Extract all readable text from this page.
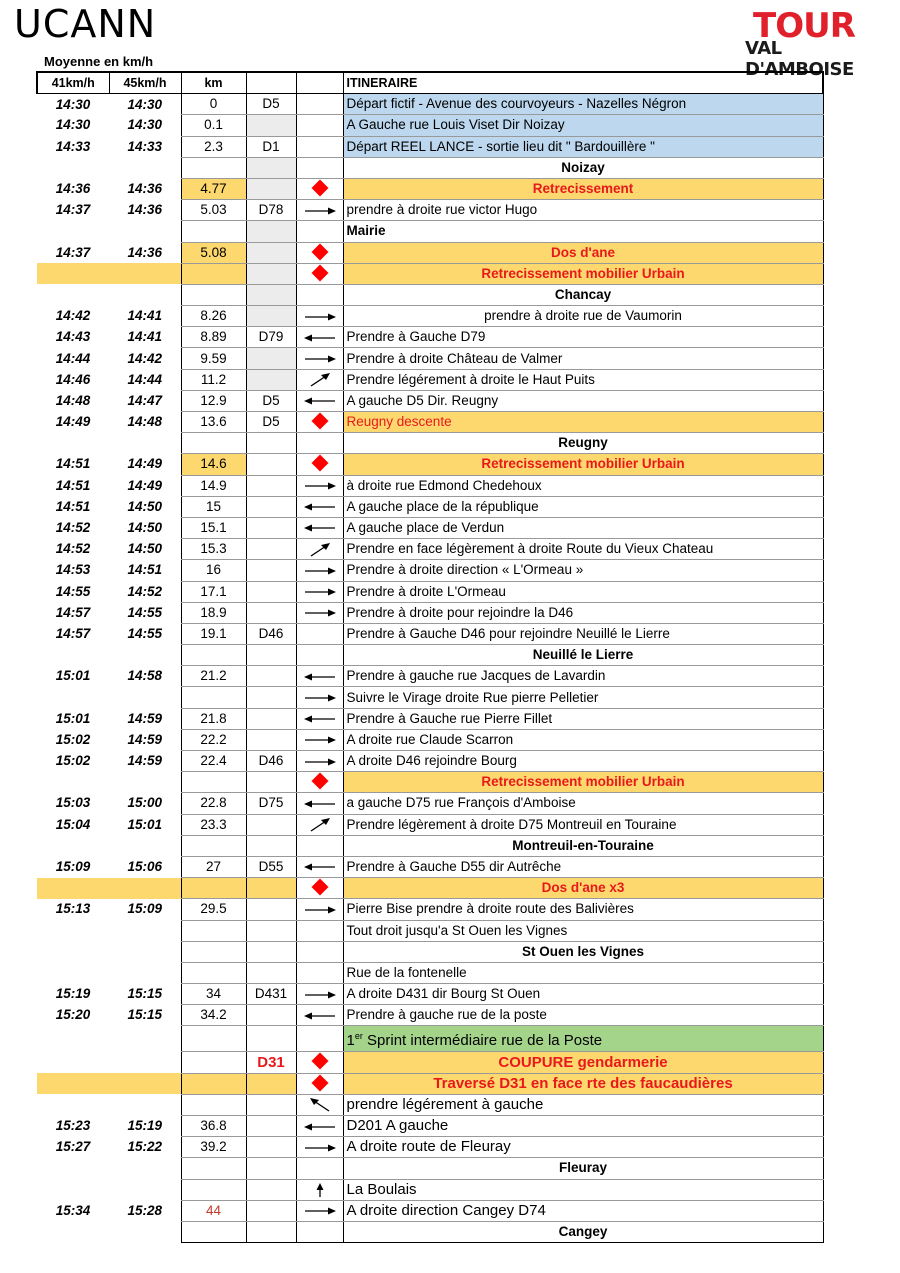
UCANN
Moyenne en km/h
TOUR
VAL D'AMBOISE
41km/h	45km/h	km			ITINERAIRE
14:30	14:30	0	D5		Départ fictif - Avenue des courvoyeurs - Nazelles Négron
14:30	14:30	0.1			A Gauche rue Louis Viset Dir Noizay
14:33	14:33	2.3	D1		Départ REEL LANCE - sortie lieu dit " Bardouillère "
					Noizay
14:36	14:36	4.77			Retrecissement
14:37	14:36	5.03	D78		prendre à droite rue victor Hugo
					Mairie
14:37	14:36	5.08			Dos d'ane
					Retrecissement mobilier Urbain
					Chancay
14:42	14:41	8.26			prendre à droite rue de Vaumorin
14:43	14:41	8.89	D79		Prendre à Gauche D79
14:44	14:42	9.59			Prendre à droite Château de Valmer
14:46	14:44	11.2			Prendre légérement à droite le Haut Puits
14:48	14:47	12.9	D5		A gauche D5 Dir. Reugny
14:49	14:48	13.6	D5		Reugny descente
					Reugny
14:51	14:49	14.6			Retrecissement mobilier Urbain
14:51	14:49	14.9			à droite rue Edmond Chedehoux
14:51	14:50	15			A gauche place de la république
14:52	14:50	15.1			A gauche place de Verdun
14:52	14:50	15.3			Prendre en face légèrement à droite Route du Vieux Chateau
14:53	14:51	16			Prendre à droite direction « L'Ormeau »
14:55	14:52	17.1			Prendre à droite L'Ormeau
14:57	14:55	18.9			Prendre à droite pour rejoindre la D46
14:57	14:55	19.1	D46		Prendre à Gauche D46 pour rejoindre Neuillé le Lierre
					Neuillé le Lierre
15:01	14:58	21.2			Prendre à gauche rue Jacques de Lavardin
					Suivre le Virage droite Rue pierre Pelletier
15:01	14:59	21.8			Prendre à Gauche rue Pierre Fillet
15:02	14:59	22.2			A droite rue Claude Scarron
15:02	14:59	22.4	D46		A droite D46 rejoindre Bourg
					Retrecissement mobilier Urbain
15:03	15:00	22.8	D75		a gauche D75 rue François d'Amboise
15:04	15:01	23.3			Prendre légèrement à droite D75 Montreuil en Touraine
					Montreuil-en-Touraine
15:09	15:06	27	D55		Prendre à Gauche D55 dir Autrêche
					Dos d'ane x3
15:13	15:09	29.5			Pierre Bise prendre à droite route des Balivières
					Tout droit jusqu'a St Ouen les Vignes
					St Ouen les Vignes
					Rue de la fontenelle
15:19	15:15	34	D431		A droite D431 dir Bourg St Ouen
15:20	15:15	34.2			Prendre à gauche rue de la poste
					1er Sprint intermédiaire rue de la Poste
			D31		COUPURE gendarmerie
					Traversé D31 en face rte des faucaudières
					prendre légérement à gauche
15:23	15:19	36.8			D201 A gauche
15:27	15:22	39.2			A droite route de Fleuray
					Fleuray
					La Boulais
15:34	15:28	44			A droite direction Cangey D74
					Cangey
